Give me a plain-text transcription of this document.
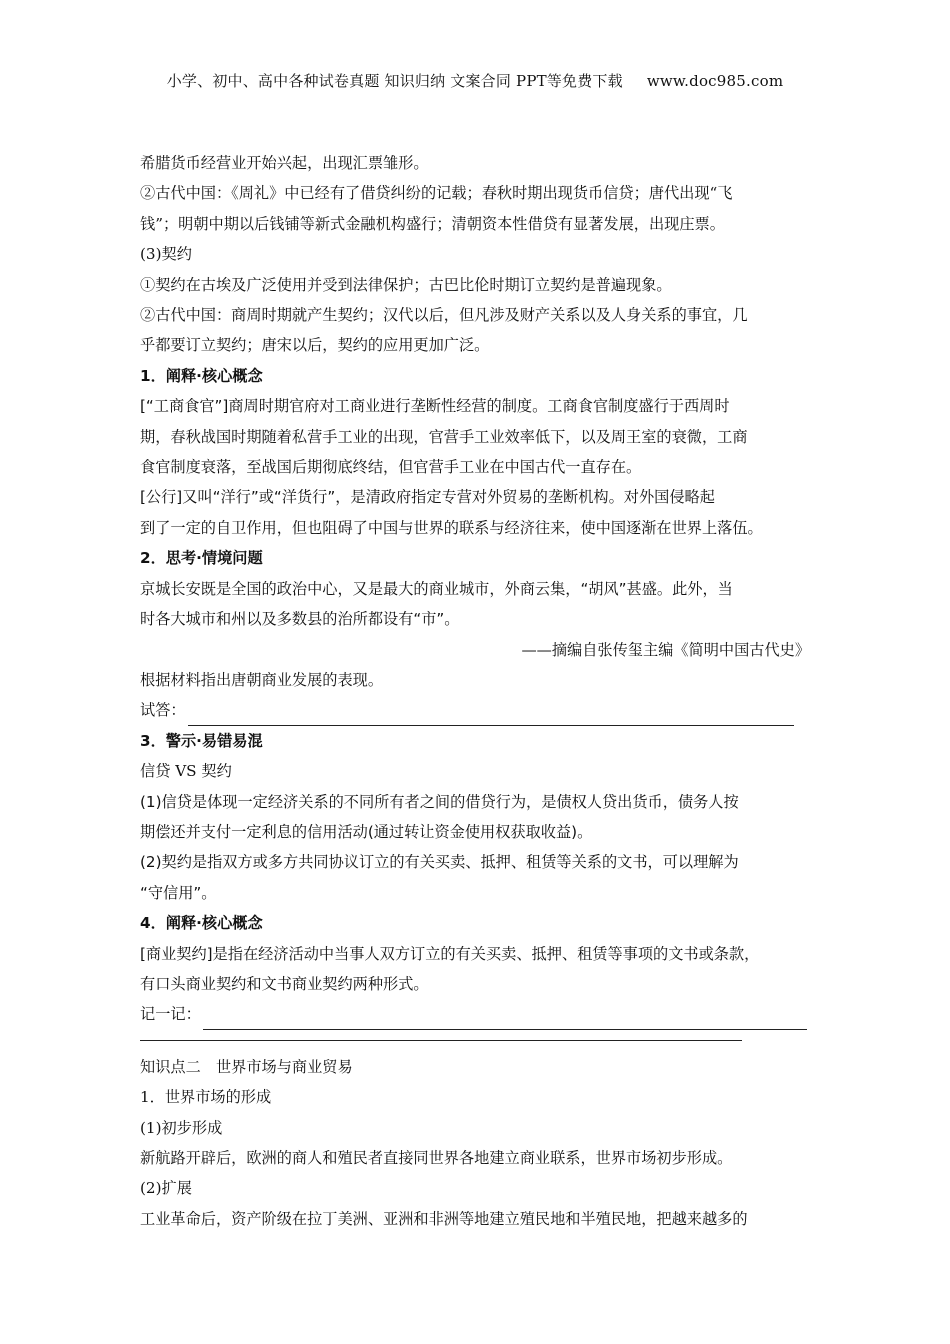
小学、初中、高中各种试卷真题 知识归纳 文案合同 PPT等免费下载 www.doc985.com
希腊货币经营业开始兴起，出现汇票雏形。
②古代中国：《周礼》中已经有了借贷纠纷的记载；春秋时期出现货币信贷；唐代出现“飞
钱”；明朝中期以后钱铺等新式金融机构盛行；清朝资本性借贷有显著发展，出现庄票。
(3)契约
①契约在古埃及广泛使用并受到法律保护；古巴比伦时期订立契约是普遍现象。
②古代中国：商周时期就产生契约；汉代以后，但凡涉及财产关系以及人身关系的事宜，几
乎都要订立契约；唐宋以后，契约的应用更加广泛。
1．阐释·核心概念
[“工商食官”]商周时期官府对工商业进行垄断性经营的制度。工商食官制度盛行于西周时
期，春秋战国时期随着私营手工业的出现，官营手工业效率低下，以及周王室的衰微，工商
食官制度衰落，至战国后期彻底终结，但官营手工业在中国古代一直存在。
[公行]又叫“洋行”或“洋货行”，是清政府指定专营对外贸易的垄断机构。对外国侵略起
到了一定的自卫作用，但也阻碍了中国与世界的联系与经济往来，使中国逐渐在世界上落伍。
2．思考·情境问题
京城长安既是全国的政治中心，又是最大的商业城市，外商云集，“胡风”甚盛。此外，当
时各大城市和州以及多数县的治所都设有“市”。
——摘编自张传玺主编《简明中国古代史》
根据材料指出唐朝商业发展的表现。
试答：
3．警示·易错易混
信贷 VS 契约
(1)信贷是体现一定经济关系的不同所有者之间的借贷行为，是债权人贷出货币，债务人按
期偿还并支付一定利息的信用活动(通过转让资金使用权获取收益)。
(2)契约是指双方或多方共同协议订立的有关买卖、抵押、租赁等关系的文书，可以理解为
“守信用”。
4．阐释·核心概念
[商业契约]是指在经济活动中当事人双方订立的有关买卖、抵押、租赁等事项的文书或条款，
有口头商业契约和文书商业契约两种形式。
记一记：
知识点二　世界市场与商业贸易
1．世界市场的形成
(1)初步形成
新航路开辟后，欧洲的商人和殖民者直接同世界各地建立商业联系，世界市场初步形成。
(2)扩展
工业革命后，资产阶级在拉丁美洲、亚洲和非洲等地建立殖民地和半殖民地，把越来越多的
